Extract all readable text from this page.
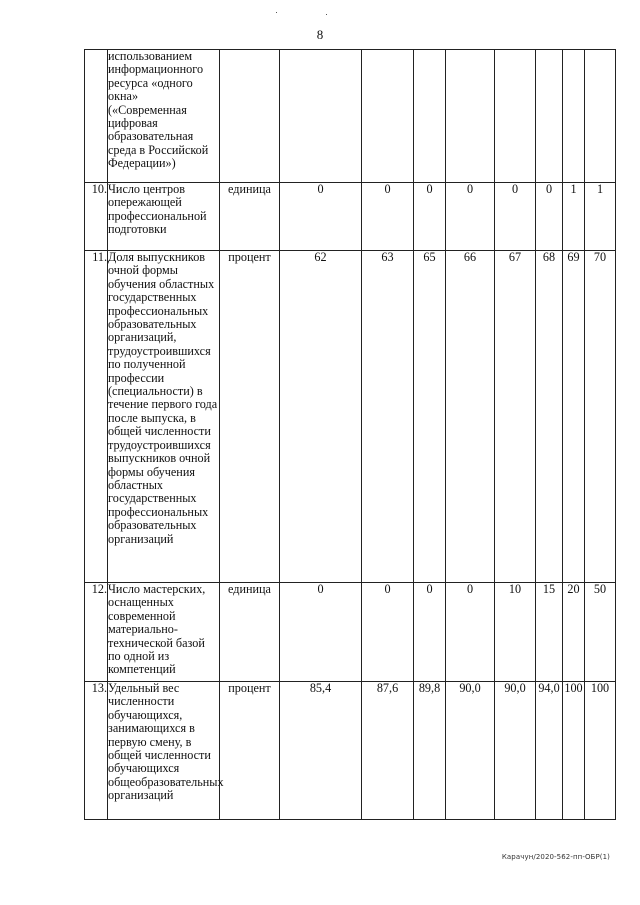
8
	использованием информационного ресурса «одного окна» («Современная цифровая образовательная среда в Российской Федерации»)									
10.	Число центров опережающей профессиональной подготовки	единица	0	0	0	0	0	0	1	1
11.	Доля выпускников очной формы обучения областных государственных профессиональных образовательных организаций, трудоустроившихся по полученной профессии (специальности) в течение первого года после выпуска, в общей численности трудоустроившихся выпускников очной формы обучения областных государственных профессиональных образовательных организаций	процент	62	63	65	66	67	68	69	70
12.	Число мастерских, оснащенных современной материально-технической базой по одной из компетенций	единица	0	0	0	0	10	15	20	50
13.	Удельный вес численности обучающихся, занимающихся в первую смену, в общей численности обучающихся общеобразовательных организаций	процент	85,4	87,6	89,8	90,0	90,0	94,0	100	100
Карачун/2020-562-пп-ОБР(1)
